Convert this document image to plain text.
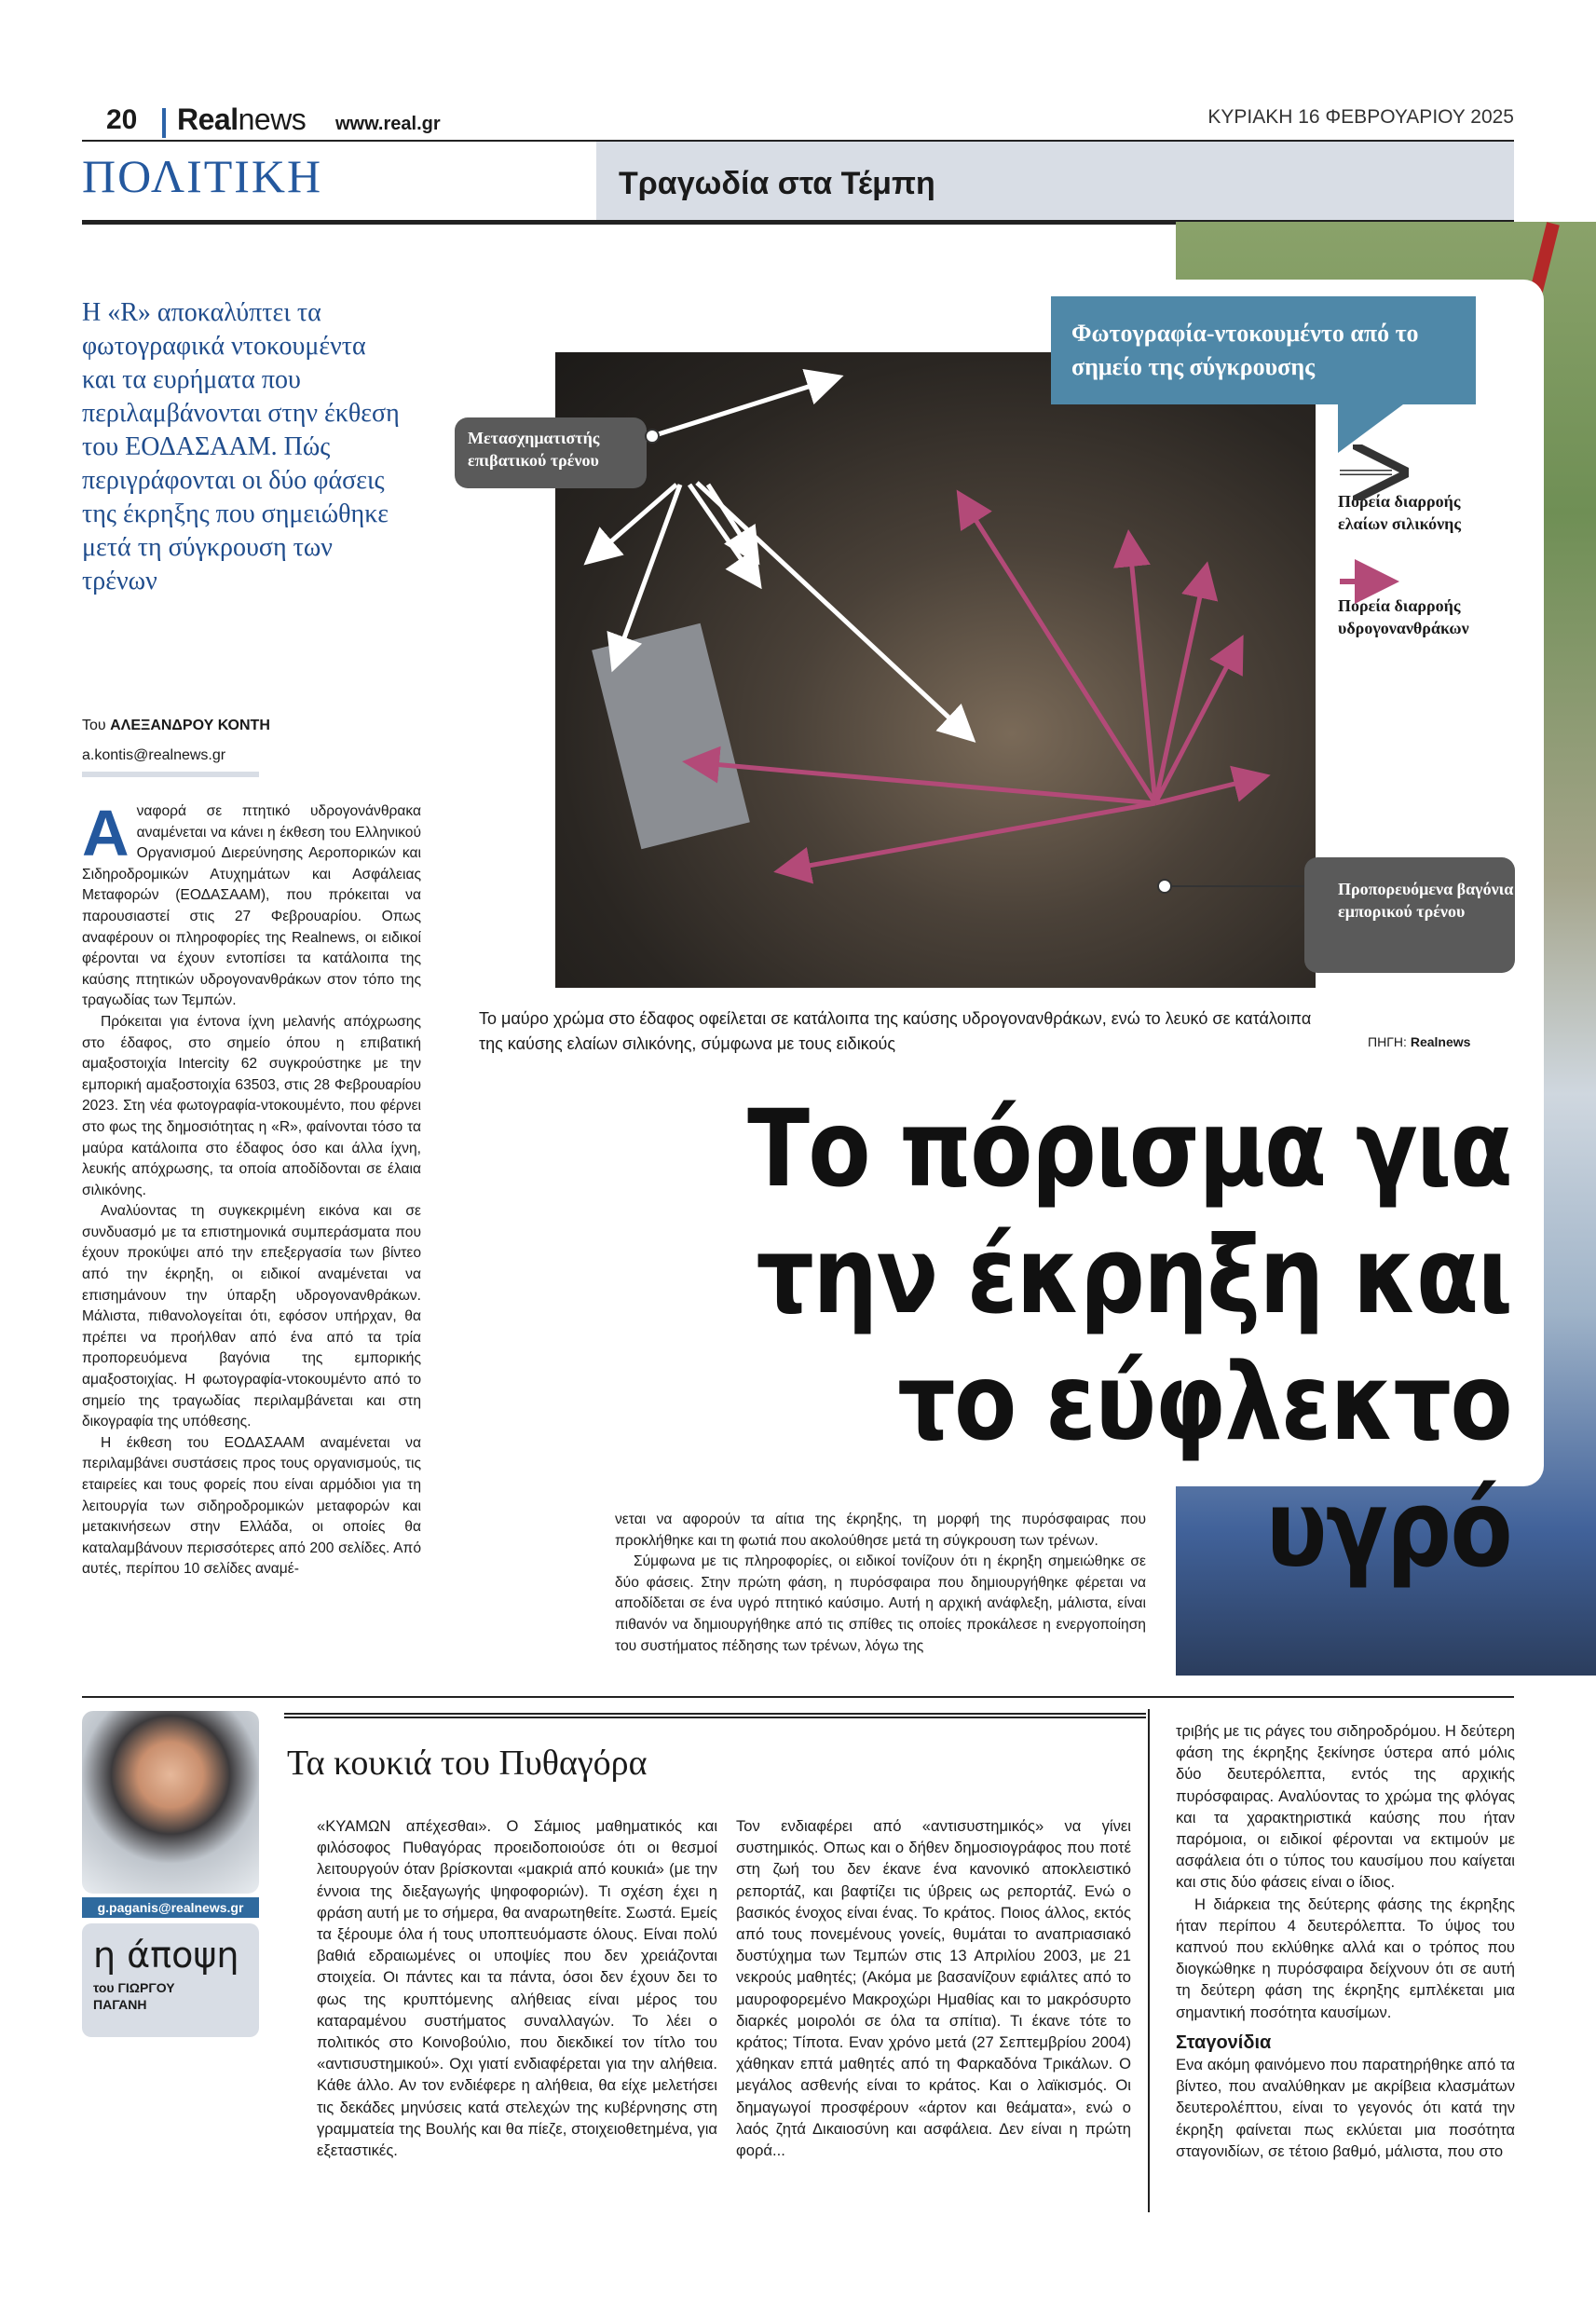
20 Realnews www.real.gr	ΚΥΡΙΑΚΗ 16 ΦΕΒΡΟΥΑΡΙΟΥ 2025
ΠΟΛΙΤΙΚΗ	Τραγωδία στα Τέμπη
Η «R» αποκαλύπτει τα φωτογραφικά ντοκουμέντα και τα ευρήματα που περιλαμβάνονται στην έκθεση του ΕΟΔΑΣΑΑΜ. Πώς περιγράφονται οι δύο φάσεις της έκρηξης που σημειώθηκε μετά τη σύγκρουση των τρένων
Του ΑΛΕΞΑΝΔΡΟΥ ΚΟΝΤΗ
a.kontis@realnews.gr

Αναφορά σε πτητικό υδρογονάνθρακα αναμένεται να κάνει η έκθεση του Ελληνικού Οργανισμού Διερεύνησης Αεροπορικών και Σιδηροδρομικών Ατυχημάτων και Ασφάλειας Μεταφορών (ΕΟΔΑΣΑΑΜ), που πρόκειται να παρουσιαστεί στις 27 Φεβρουαρίου. Οπως αναφέρουν οι πληροφορίες της Realnews, οι ειδικοί φέρονται να έχουν εντοπίσει τα κατάλοιπα της καύσης πτητικών υδρογονανθράκων στον τόπο της τραγωδίας των Τεμπών.

Πρόκειται για έντονα ίχνη μελανής απόχρωσης στο έδαφος, στο σημείο όπου η επιβατική αμαξοστοιχία Intercity 62 συγκρούστηκε με την εμπορική αμαξοστοιχία 63503, στις 28 Φεβρουαρίου 2023. Στη νέα φωτογραφία-ντοκουμέντο, που φέρνει στο φως της δημοσιότητας η «R», φαίνονται τόσο τα μαύρα κατάλοιπα στο έδαφος όσο και άλλα ίχνη, λευκής απόχρωσης, τα οποία αποδίδονται σε έλαια σιλικόνης.

Αναλύοντας τη συγκεκριμένη εικόνα και σε συνδυασμό με τα επιστημονικά συμπεράσματα που έχουν προκύψει από την επεξεργασία των βίντεο από την έκρηξη, οι ειδικοί αναμένεται να επισημάνουν την ύπαρξη υδρογονανθράκων. Μάλιστα, πιθανολογείται ότι, εφόσον υπήρχαν, θα πρέπει να προήλθαν από ένα από τα τρία προπορευόμενα βαγόνια της εμπορικής αμαξοστοιχίας. Η φωτογραφία-ντοκουμέντο από το σημείο της τραγωδίας περιλαμβάνεται και στη δικογραφία της υπόθεσης.

Η έκθεση του ΕΟΔΑΣΑΑΜ αναμένεται να περιλαμβάνει συστάσεις προς τους οργανισμούς, τις εταιρείες και τους φορείς που είναι αρμόδιοι για τη λειτουργία των σιδηροδρομικών μεταφορών και μετακινήσεων στην Ελλάδα, οι οποίες θα καταλαμβάνουν περισσότερες από 200 σελίδες. Από αυτές, περίπου 10 σελίδες αναμέ-

Φωτογραφία-ντοκουμέντο από το σημείο της σύγκρουσης
Μετασχηματιστής επιβατικού τρένου
Προπορευόμενα βαγόνια εμπορικού τρένου
Πορεία διαρροής ελαίων σιλικόνης
Πορεία διαρροής υδρογονανθράκων
Το μαύρο χρώμα στο έδαφος οφείλεται σε κατάλοιπα της καύσης υδρογονανθράκων, ενώ το λευκό σε κατάλοιπα της καύσης ελαίων σιλικόνης, σύμφωνα με τους ειδικούς	ΠΗΓΗ: Realnews
Το πόρισμα για
την έκρηξη και
το εύφλεκτο υγρό

νεται να αφορούν τα αίτια της έκρηξης, τη μορφή της πυρόσφαιρας που προκλήθηκε και τη φωτιά που ακολούθησε μετά τη σύγκρουση των τρένων.

Σύμφωνα με τις πληροφορίες, οι ειδικοί τονίζουν ότι η έκρηξη σημειώθηκε σε δύο φάσεις. Στην πρώτη φάση, η πυρόσφαιρα που δημιουργήθηκε φέρεται να αποδίδεται σε ένα υγρό πτητικό καύσιμο. Αυτή η αρχική ανάφλεξη, μάλιστα, είναι πιθανόν να δημιουργήθηκε από τις σπίθες τις οποίες προκάλεσε η ενεργοποίηση του συστήματος πέδησης των τρένων, λόγω της

g.paganis@realnews.gr
η άποψη
του ΓΙΩΡΓΟΥ
ΠΑΓΑΝΗ
Τα κουκιά του Πυθαγόρα

«ΚΥΑΜΩΝ απέχεσθαι». Ο Σάμιος μαθηματικός και φιλόσοφος Πυθαγόρας προειδοποιούσε ότι οι θεσμοί λειτουργούν όταν βρίσκονται «μακριά από κουκιά» (με την έννοια της διεξαγωγής ψηφοφοριών). Τι σχέση έχει η φράση αυτή με το σήμερα, θα αναρωτηθείτε. Σωστά. Εμείς τα ξέρουμε όλα ή τους υποπτευόμαστε όλους. Είναι πολύ βαθιά εδραιωμένες οι υποψίες που δεν χρειάζονται στοιχεία. Οι πάντες και τα πάντα, όσοι δεν έχουν δει το φως της κρυπτόμενης αλήθειας είναι μέρος του καταραμένου συστήματος συναλλαγών. Το λέει ο πολιτικός στο Κοινοβούλιο, που διεκδικεί τον τίτλο του «αντισυστημικού». Οχι γιατί ενδιαφέρεται για την αλήθεια. Κάθε άλλο. Αν τον ενδιέφερε η αλήθεια, θα είχε μελετήσει τις δεκάδες μηνύσεις κατά στελεχών της κυβέρνησης στη γραμματεία της Βουλής και θα πίεζε, στοιχειοθετημένα, για εξεταστικές.

Τον ενδιαφέρει από «αντισυστημικός» να γίνει συστημικός. Οπως και ο δήθεν δημοσιογράφος που ποτέ στη ζωή του δεν έκανε ένα κανονικό αποκλειστικό ρεπορτάζ, και βαφτίζει τις ύβρεις ως ρεπορτάζ. Ενώ ο βασικός ένοχος είναι ένας. Το κράτος. Ποιος άλλος, εκτός από τους πονεμένους γονείς, θυμάται το αναπριασιακό δυστύχημα των Τεμπών στις 13 Απριλίου 2003, με 21 νεκρούς μαθητές; (Ακόμα με βασανίζουν εφιάλτες από το μαυροφορεμένο Μακροχώρι Ημαθίας και το μακρόσυρτο διαρκές μοιρολόι σε όλα τα σπίτια). Τι έκανε τότε το κράτος; Τίποτα. Εναν χρόνο μετά (27 Σεπτεμβρίου 2004) χάθηκαν επτά μαθητές από τη Φαρκαδόνα Τρικάλων. Ο μεγάλος ασθενής είναι το κράτος. Και ο λαϊκισμός. Οι δημαγωγοί προσφέρουν «άρτον και θεάματα», ενώ ο λαός ζητά Δικαιοσύνη και ασφάλεια. Δεν είναι η πρώτη φορά...

τριβής με τις ράγες του σιδηροδρόμου. Η δεύτερη φάση της έκρηξης ξεκίνησε ύστερα από μόλις δύο δευτερόλεπτα, εντός της αρχικής πυρόσφαιρας. Αναλύοντας το χρώμα της φλόγας και τα χαρακτηριστικά καύσης που ήταν παρόμοια, οι ειδικοί φέρονται να εκτιμούν με ασφάλεια ότι ο τύπος του καυσίμου που καίγεται και στις δύο φάσεις είναι ο ίδιος.

Η διάρκεια της δεύτερης φάσης της έκρηξης ήταν περίπου 4 δευτερόλεπτα. Το ύψος του καπνού που εκλύθηκε αλλά και ο τρόπος που διογκώθηκε η πυρόσφαιρα δείχνουν ότι σε αυτή τη δεύτερη φάση της έκρηξης εμπλέκεται μια σημαντική ποσότητα καυσίμων.

Σταγονίδια

Ενα ακόμη φαινόμενο που παρατηρήθηκε από τα βίντεο, που αναλύθηκαν με ακρίβεια κλασμάτων δευτερολέπτου, είναι το γεγονός ότι κατά την έκρηξη φαίνεται πως εκλύεται μια ποσότητα σταγονιδίων, σε τέτοιο βαθμό, μάλιστα, που στο
